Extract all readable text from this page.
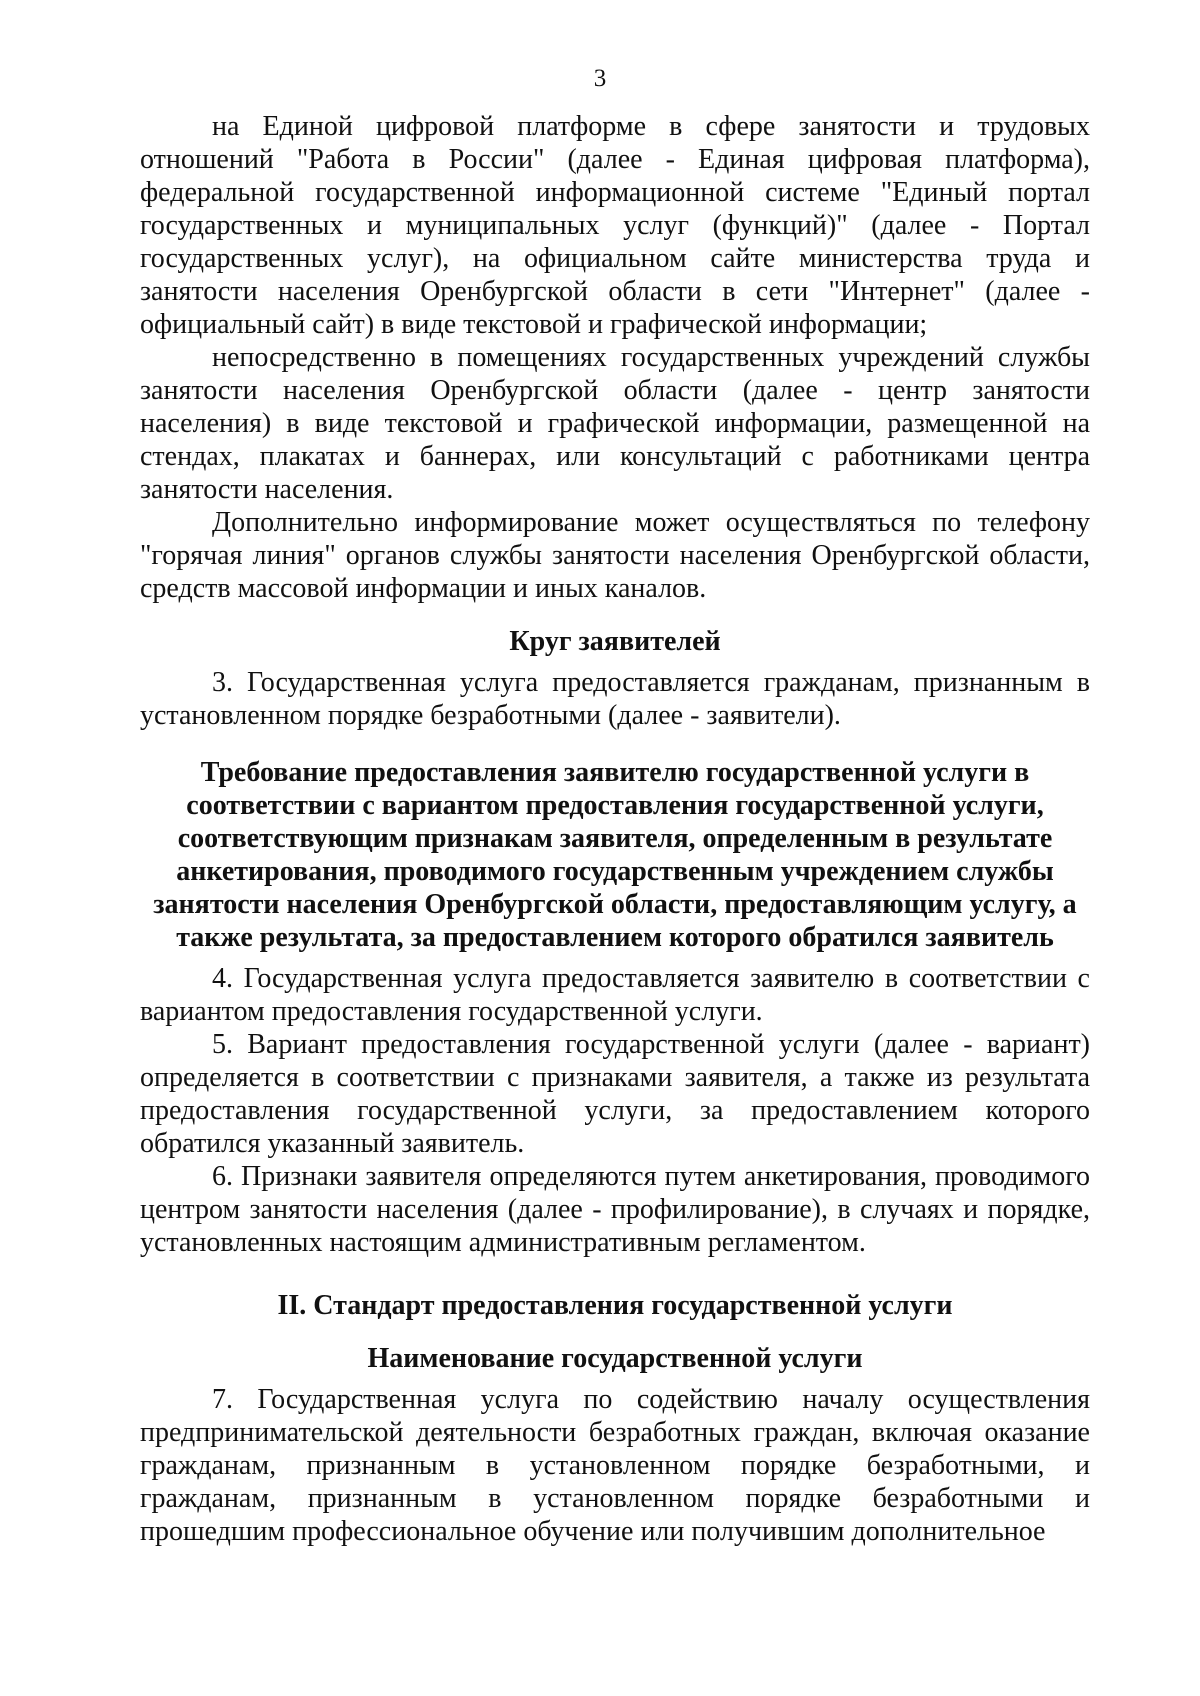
3

на Единой цифровой платформе в сфере занятости и трудовых отношений "Работа в России" (далее - Единая цифровая платформа), федеральной государственной информационной системе "Единый портал государственных и муниципальных услуг (функций)" (далее - Портал государственных услуг), на официальном сайте министерства труда и занятости населения Оренбургской области в сети "Интернет" (далее - официальный сайт) в виде текстовой и графической информации;

непосредственно в помещениях государственных учреждений службы занятости населения Оренбургской области (далее - центр занятости населения) в виде текстовой и графической информации, размещенной на стендах, плакатах и баннерах, или консультаций с работниками центра занятости населения.

Дополнительно информирование может осуществляться по телефону "горячая линия" органов службы занятости населения Оренбургской области, средств массовой информации и иных каналов.

Круг заявителей

3. Государственная услуга предоставляется гражданам, признанным в установленном порядке безработными (далее - заявители).

Требование предоставления заявителю государственной услуги в соответствии с вариантом предоставления государственной услуги, соответствующим признакам заявителя, определенным в результате анкетирования, проводимого государственным учреждением службы занятости населения Оренбургской области, предоставляющим услугу, а также результата, за предоставлением которого обратился заявитель

4. Государственная услуга предоставляется заявителю в соответствии с вариантом предоставления государственной услуги.

5. Вариант предоставления государственной услуги (далее - вариант) определяется в соответствии с признаками заявителя, а также из результата предоставления государственной услуги, за предоставлением которого обратился указанный заявитель.

6. Признаки заявителя определяются путем анкетирования, проводимого центром занятости населения (далее - профилирование), в случаях и порядке, установленных настоящим административным регламентом.

II. Стандарт предоставления государственной услуги
Наименование государственной услуги

7. Государственная услуга по содействию началу осуществления предпринимательской деятельности безработных граждан, включая оказание гражданам, признанным в установленном порядке безработными, и гражданам, признанным в установленном порядке безработными и прошедшим профессиональное обучение или получившим дополнительное
